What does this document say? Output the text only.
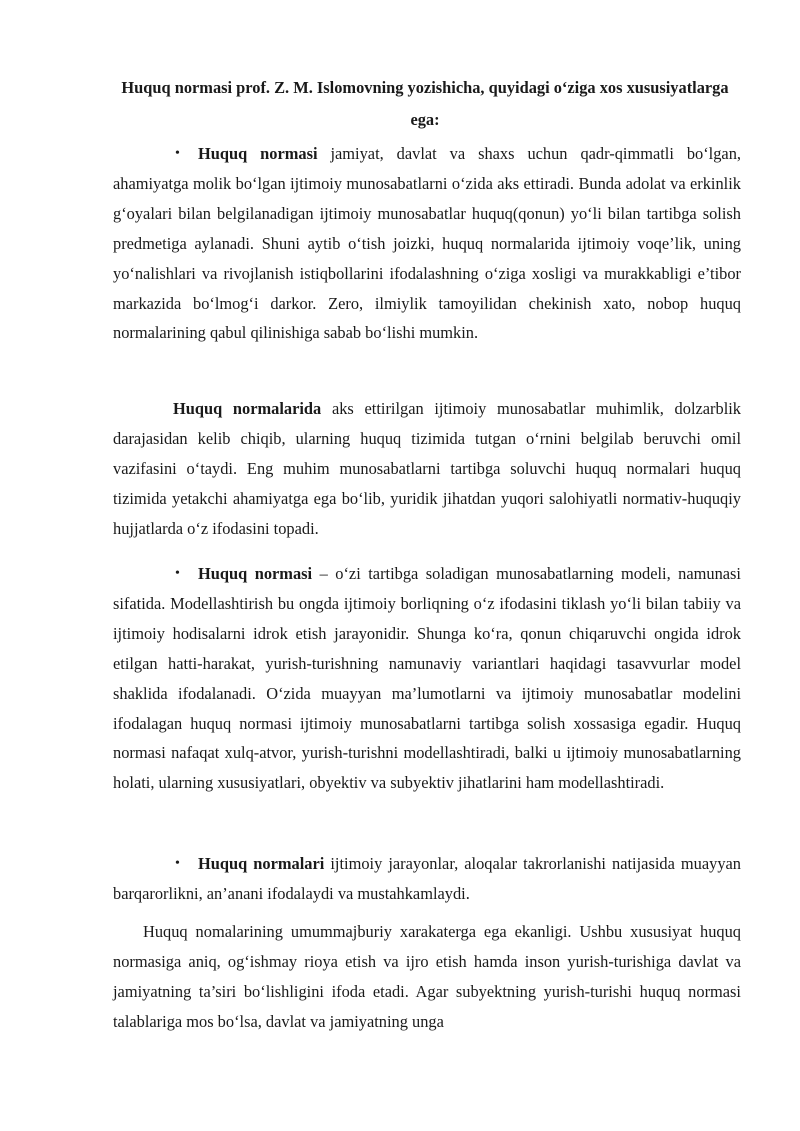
Huquq normasi prof. Z. M. Islomovning yozishicha, quyidagi o‘ziga xos xususiyatlarga ega:
•	Huquq normasi jamiyat, davlat va shaxs uchun qadr-qimmatli bo‘lgan, ahamiyatga molik bo‘lgan ijtimoiy munosabatlarni o‘zida aks ettiradi. Bunda adolat va erkinlik g‘oyalari bilan belgilanadigan ijtimoiy munosabatlar huquq(qonun) yo‘li bilan tartibga solish predmetiga aylanadi. Shuni aytib o‘tish joizki, huquq normalarida ijtimoiy voqe’lik, uning yo‘nalishlari va rivojlanish istiqbollarini ifodalashning o‘ziga xosligi va murakkabligi e’tibor markazida bo‘lmog‘i darkor. Zero, ilmiylik tamoyilidan chekinish xato, nobop huquq normalarining qabul qilinishiga sabab bo‘lishi mumkin.

Huquq normalarida aks ettirilgan ijtimoiy munosabatlar muhimlik, dolzarblik darajasidan kelib chiqib, ularning huquq tizimida tutgan o‘rnini belgilab beruvchi omil vazifasini o‘taydi. Eng muhim munosabatlarni tartibga soluvchi huquq normalari huquq tizimida yetakchi ahamiyatga ega bo‘lib, yuridik jihatdan yuqori salohiyatli normativ-huquqiy hujjatlarda o‘z ifodasini topadi.

•	Huquq normasi – o‘zi tartibga soladigan munosabatlarning modeli, namunasi sifatida. Modellashtirish bu ongda ijtimoiy borliqning o‘z ifodasini tiklash yo‘li bilan tabiiy va ijtimoiy hodisalarni idrok etish jarayonidir. Shunga ko‘ra, qonun chiqaruvchi ongida idrok etilgan hatti-harakat, yurish-turishning namunaviy variantlari haqidagi tasavvurlar model shaklida ifodalanadi. O‘zida muayyan ma’lumotlarni va ijtimoiy munosabatlar modelini ifodalagan huquq normasi ijtimoiy munosabatlarni tartibga solish xossasiga egadir. Huquq normasi nafaqat xulq-atvor, yurish-turishni modellashtiradi, balki u ijtimoiy munosabatlarning holati, ularning xususiyatlari, obyektiv va subyektiv jihatlarini ham modellashtiradi.

•	Huquq normalari ijtimoiy jarayonlar, aloqalar takrorlanishi natijasida muayyan barqarorlikni, an’anani ifodalaydi va mustahkamlaydi.

Huquq nomalarining umummajburiy xarakaterga ega ekanligi. Ushbu xususiyat huquq normasiga aniq, og‘ishmay rioya etish va ijro etish hamda inson yurish-turishiga davlat va jamiyatning ta’siri bo‘lishligini ifoda etadi. Agar subyektning yurish-turishi huquq normasi talablariga mos bo‘lsa, davlat va jamiyatning unga
